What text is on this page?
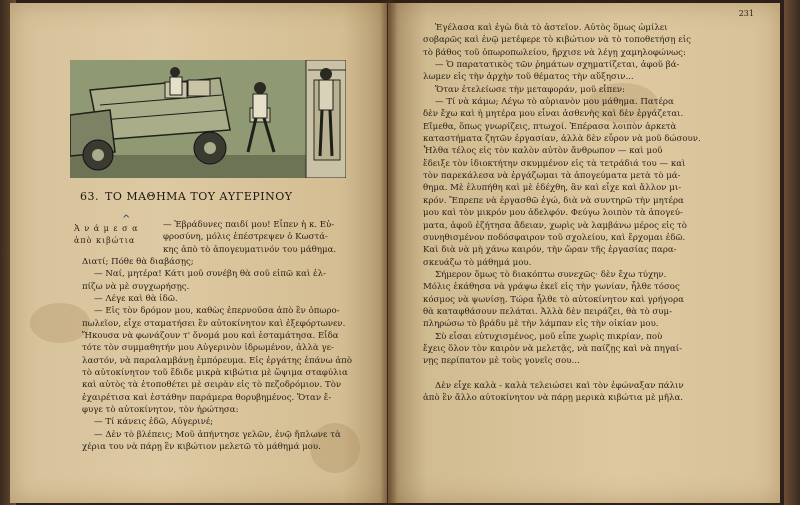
231
63. ΤΟ ΜΑΘΗΜΑ ΤΟΥ ΑΥΓΕΡΙΝΟΥ
^
Ἀ ν ά μ ε σ α
ἀπὸ κιβώτια
— Ἐβράδυνες παιδί μου! Εἶπεν ἡ κ. Εὐ-
φροσύνη, μόλις ἐπέστρεψεν ὁ Κωστά-
κης ἀπὸ τὸ ἀπογευματινόν του μάθημα.
Διατί; Πόθε θὰ διαβάσῃς;
— Ναί, μητέρα! Κάτι μοῦ συνέβη θὰ σοῦ εἰπῶ καὶ ἐλ-
πίζω νὰ μὲ συγχωρήσῃς.
— Λέγε καὶ θὰ ἰδῶ.
— Εἰς τὸν δρόμον μου, καθὼς ἐπερνοῦσα ἀπὸ ἓν ὀπωρο-
πωλεῖον, εἶχε σταματήσει ἓν αὐτοκίνητον καὶ ἐξεφόρτωνεν.
Ἤκουσα νὰ φωνάζουν τ' ὄνομά μου καὶ ἐσταμάτησα. Εἶδα
τότε τὸν συμμαθητήν μου Αὐγερινὸν ἱδρωμένον, ἀλλὰ γε-
λαστόν, νὰ παραλαμβάνῃ ἐμπόρευμα. Εἰς ἐργάτης ἐπάνω ἀπὸ
τὸ αὐτοκίνητον τοῦ ἔδιδε μικρὰ κιβώτια μὲ ὥψιμα σταφύλια
καὶ αὐτὸς τὰ ἐτοποθέτει μὲ σειρὰν εἰς τὸ πεζοδρόμιον. Τὸν
ἐχαιρέτισα καὶ ἐστάθην παράμερα θορυβημένος. Ὅταν ἔ-
φυγε τὸ αὐτοκίνητον, τὸν ἠρώτησα:
— Τί κάνεις ἐδῶ, Αὐγερινέ;
— Δὲν τὸ βλέπεις; Μοῦ ἀπήντησε γελῶν, ἐνῷ ἥπλωνε τὰ
χέρια του νὰ πάρῃ ἓν κιβώτιον μελετῶ τὸ μάθημά μου.
Ἐγέλασα καὶ ἐγὼ διὰ τὸ ἀστεῖον. Αὐτὸς ὅμως ὡμίλει
σοβαρῶς καὶ ἐνῷ μετέφερε τὸ κιβώτιον νὰ τὸ τοποθετήσῃ εἰς
τὸ βάθος τοῦ ὀπωροπωλείου, ἤρχισε νὰ λέγῃ χαμηλοφώνως:
— Ὁ παρατατικὸς τῶν ῥημάτων σχηματίζεται, ἀφοῦ βά-
λωμεν εἰς τὴν ἀρχὴν τοῦ θέματος τὴν αὔξησιν...
Ὅταν ἐτελείωσε τὴν μεταφοράν, μοῦ εἶπεν:
— Τί νὰ κάμω; Λέγω τὸ αὐριανὸν μου μάθημα. Πατέρα
δὲν ἔχω καὶ ἡ μητέρα μου εἶναι ἀσθενὴς καὶ δὲν ἐργάζεται.
Εἴμεθα, ὅπως γνωρίζεις, πτωχοί. Ἐπέρασα λοιπὸν ἀρκετὰ
καταστήματα ζητῶν ἐργασίαν, ἀλλὰ δὲν εὗρον νὰ μοῦ δώσουν.
Ἦλθα τέλος εἰς τὸν καλὸν αὐτὸν ἄνθρωπον — καὶ μοῦ
ἔδειξε τὸν ἰδιοκτήτην σκυμμένον εἰς τὰ τετράδιά του — καὶ
τὸν παρεκάλεσα νὰ ἐργάζωμαι τὰ ἀπογεύματα μετὰ τὸ μά-
θημα. Μὲ ἐλυπήθη καὶ μὲ ἐδέχθη, ἂν καὶ εἶχε καὶ ἄλλον μι-
κρόν. Ἔπρεπε νὰ ἐργασθῶ ἐγώ, διὰ νὰ συντηρῶ τὴν μητέρα
μου καὶ τὸν μικρόν μου ἀδελφόν. Φεύγω λοιπὸν τὰ ἀπογεύ-
ματα, ἀφοῦ ἐζήτησα ἄδειαν, χωρὶς νὰ λαμβάνω μέρος εἰς τὸ
συνηθισμένον ποδόσφαιρον τοῦ σχολείου, καὶ ἔρχομαι ἐδῶ.
Καὶ διὰ νὰ μὴ χάνω καιρόν, τὴν ὥραν τῆς ἐργασίας παρα-
σκευάζω τὸ μάθημά μου.
Σήμερον ὅμως τὸ διακόπτω συνεχῶς· δὲν ἔχω τύχην.
Μόλις ἐκάθησα νὰ γράψω ἐκεῖ εἰς τὴν γωνίαν, ἦλθε τόσος
κόσμος νὰ ψωνίσῃ. Τώρα ἦλθε τὸ αὐτοκίνητον καὶ γρήγορα
θὰ καταφθάσουν πελάται. Ἀλλὰ δὲν πειράζει, θὰ τὸ συμ-
πληρώσω τὸ βράδυ μὲ τὴν λάμπαν εἰς τὴν οἰκίαν μου.
Σὺ εἶσαι εὐτυχισμένος, μοῦ εἶπε χωρὶς πικρίαν, ποὺ
ἔχεις ὅλον τὸν καιρὸν νὰ μελετᾷς, νὰ παίζῃς καὶ νὰ πηγαί-
νῃς περίπατον μὲ τοὺς γονεῖς σου...
Δὲν εἶχε καλὰ - καλὰ τελειώσει καὶ τὸν ἐφώναξαν πάλιν
ἀπὸ ἓν ἄλλο αὐτοκίνητον νὰ πάρῃ μερικὰ κιβώτια μὲ μῆλα.
